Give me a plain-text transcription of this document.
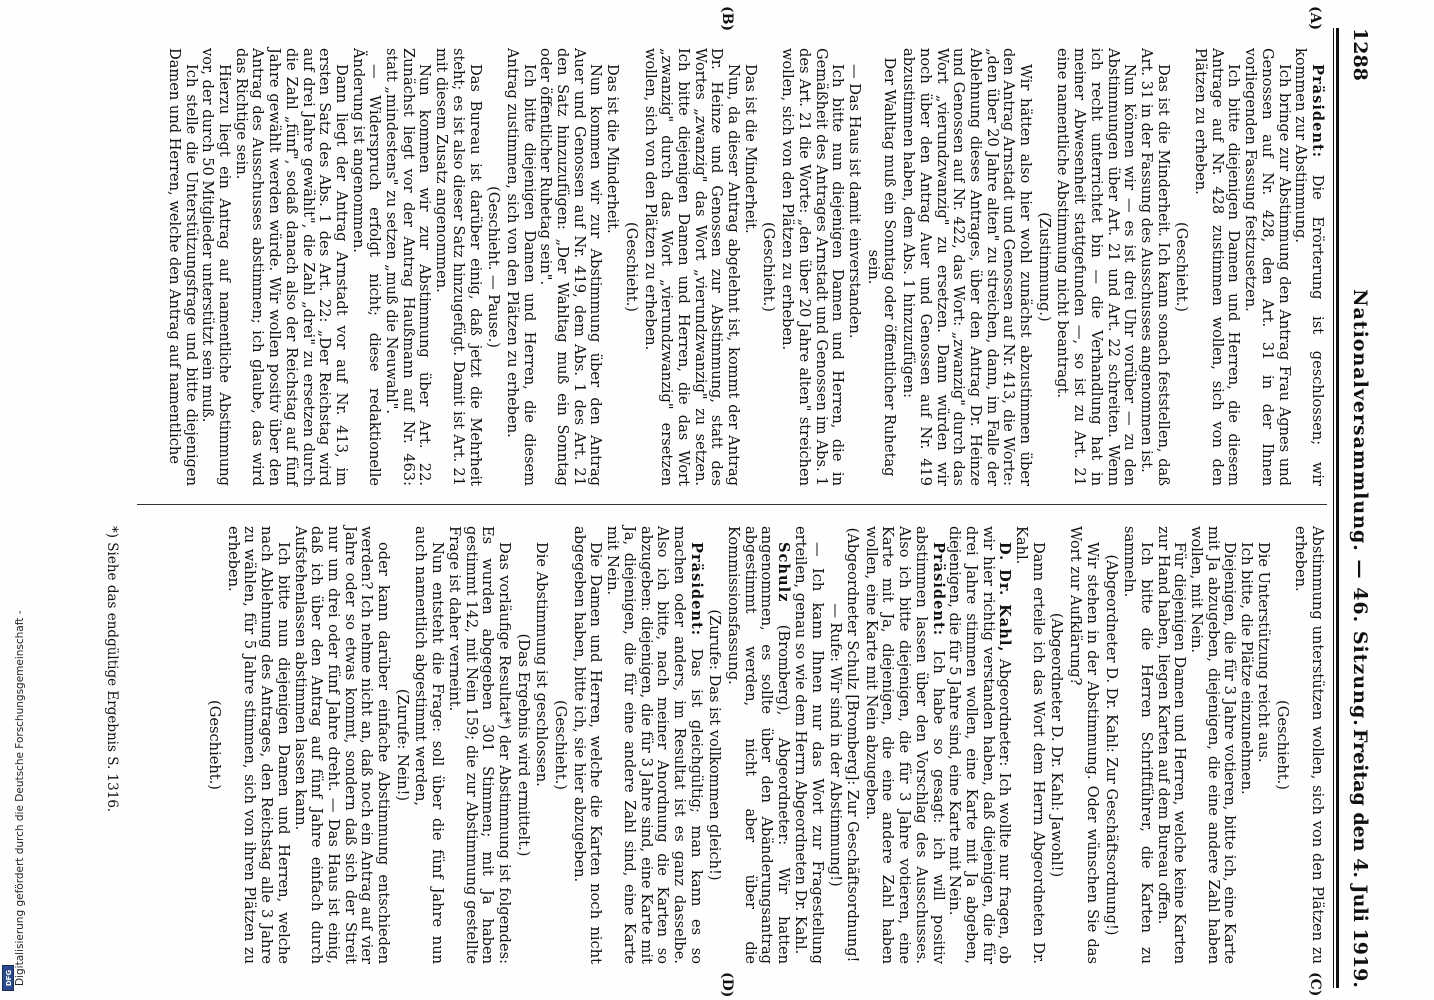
Nationalversammlung. — 46. Sitzung.
1288
Freitag den 4. Juli 1919.
(A)
(B)
(C)
(D)

Präsident: Die Erörterung ist geschlossen; wir kommen zur Abstimmung.

Ich bringe zur Abstimmung den Antrag Frau Agnes und Genossen auf Nr. 428, den Art. 31 in der Ihnen vorliegenden Fassung festzusetzen.

Ich bitte diejenigen Damen und Herren, die diesem Antrage auf Nr. 428 zustimmen wollen, sich von den Plätzen zu erheben.

(Geschieht.)

Das ist die Minderheit. Ich kann sonach feststellen, daß Art. 31 in der Fassung des Ausschusses angenommen ist.

Nun können wir — es ist drei Uhr vorüber — zu den Abstimmungen über Art. 21 und Art. 22 schreiten. Wenn ich recht unterrichtet bin — die Verhandlung hat in meiner Abwesenheit stattgefunden —, so ist zu Art. 21 eine namentliche Abstimmung nicht beantragt.

(Zustimmung.)

Wir hätten also hier wohl zunächst abzustimmen über den Antrag Arnstadt und Genossen auf Nr. 413, die Worte: „den über 20 Jahre alten" zu streichen, dann, im Falle der Ablehnung dieses Antrages, über den Antrag Dr. Heinze und Genossen auf Nr. 422, das Wort: „zwanzig" durch das Wort „vierundzwanzig" zu ersetzen. Dann würden wir noch über den Antrag Auer und Genossen auf Nr. 419 abzustimmen haben, dem Abs. 1 hinzuzufügen:

Der Wahltag muß ein Sonntag oder öffentlicher Ruhetag sein.

— Das Haus ist damit einverstanden.

Ich bitte nun diejenigen Damen und Herren, die in Gemäßheit des Antrages Arnstadt und Genossen im Abs. 1 des Art. 21 die Worte: „den über 20 Jahre alten" streichen wollen, sich von den Plätzen zu erheben.

(Geschieht.)

Das ist die Minderheit.

Nun, da dieser Antrag abgelehnt ist, kommt der Antrag Dr. Heinze und Genossen zur Abstimmung, statt des Wortes „zwanzig" das Wort „vierundzwanzig" zu setzen. Ich bitte diejenigen Damen und Herren, die das Wort „zwanzig" durch das Wort „vierundzwanzig" ersetzen wollen, sich von den Plätzen zu erheben.

(Geschieht.)

Das ist die Minderheit.

Nun kommen wir zur Abstimmung über den Antrag Auer und Genossen auf Nr. 419, dem Abs. 1 des Art. 21 den Satz hinzuzufügen: „Der Wahltag muß ein Sonntag oder öffentlicher Ruhetag sein".

Ich bitte diejenigen Damen und Herren, die diesem Antrag zustimmen, sich von den Plätzen zu erheben.

(Geschieht. — Pause.)

Das Bureau ist darüber einig, daß jetzt die Mehrheit steht; es ist also dieser Satz hinzugefügt. Damit ist Art. 21 mit diesem Zusatz angenommen.

Nun kommen wir zur Abstimmung über Art. 22. Zunächst liegt vor der Antrag Haußmann auf Nr. 463: statt „mindestens" zu setzen „muß die Neuwahl".

— Widerspruch erfolgt nicht; diese redaktionelle Änderung ist angenommen.

Dann liegt der Antrag Arnstadt vor auf Nr. 413, im ersten Satz des Abs. 1 des Art. 22: „Der Reichstag wird auf drei Jahre gewählt", die Zahl „drei" zu ersetzen durch die Zahl „fünf", sodaß danach also der Reichstag auf fünf Jahre gewählt werden würde. Wir wollen positiv über den Antrag des Ausschusses abstimmen; ich glaube, das wird das Richtige sein.

Hierzu liegt ein Antrag auf namentliche Abstimmung vor, der durch 50 Mitglieder unterstützt sein muß.

Ich stelle die Unterstützungsfrage und bitte diejenigen Damen und Herren, welche den Antrag auf namentliche

Abstimmung unterstützen wollen, sich von den Plätzen zu erheben.

(Geschieht.)

Die Unterstützung reicht aus.

Ich bitte, die Plätze einzunehmen.

Diejenigen, die für 3 Jahre votieren, bitte ich, eine Karte mit Ja abzugeben, diejenigen, die eine andere Zahl haben wollen, mit Nein.

Für diejenigen Damen und Herren, welche keine Karten zur Hand haben, liegen Karten auf dem Bureau offen.

Ich bitte die Herren Schriftführer, die Karten zu sammeln.

(Abgeordneter D. Dr. Kahl: Zur Geschäftsordnung!)

Wir stehen in der Abstimmung. Oder wünschen Sie das Wort zur Aufklärung?

(Abgeordneter D. Dr. Kahl: Jawohl!)

Dann erteile ich das Wort dem Herrn Abgeordneten Dr. Kahl.

D. Dr. Kahl, Abgeordneter: Ich wollte nur fragen, ob wir hier richtig verstanden haben, daß diejenigen, die für drei Jahre stimmen wollen, eine Karte mit Ja abgeben, diejenigen, die für 5 Jahre sind, eine Karte mit Nein.

Präsident: Ich habe so gesagt: ich will positiv abstimmen lassen über den Vorschlag des Ausschusses. Also ich bitte diejenigen, die für 3 Jahre votieren, eine Karte mit Ja, diejenigen, die eine andere Zahl haben wollen, eine Karte mit Nein abzugeben.

(Abgeordneter Schulz [Bromberg]: Zur Geschäftsordnung! — Rufe: Wir sind in der Abstimmung!)

— Ich kann Ihnen nur das Wort zur Fragestellung erteilen, genau so wie dem Herrn Abgeordneten Dr. Kahl.

Schulz (Bromberg), Abgeordneter: Wir hatten angenommen, es sollte über den Abänderungsantrag abgestimmt werden, nicht aber über die Kommissionsfassung.

(Zurufe: Das ist vollkommen gleich!)

Präsident: Das ist gleichgültig; man kann es so machen oder anders, im Resultat ist es ganz dasselbe. Also ich bitte, nach meiner Anordnung die Karten so abzugeben: diejenigen, die für 3 Jahre sind, eine Karte mit Ja, diejenigen, die für eine andere Zahl sind, eine Karte mit Nein.

Die Damen und Herren, welche die Karten noch nicht abgegeben haben, bitte ich, sie hier abzugeben.

(Geschieht.)

Die Abstimmung ist geschlossen.

(Das Ergebnis wird ermittelt.)

Das vorläufige Resultat*) der Abstimmung ist folgendes: Es wurden abgegeben 301 Stimmen; mit Ja haben gestimmt 142, mit Nein 159; die zur Abstimmung gestellte Frage ist daher verneint.

Nun entsteht die Frage: soll über die fünf Jahre nun auch namentlich abgestimmt werden,

(Zurufe: Nein!)

oder kann darüber einfache Abstimmung entschieden werden? Ich nehme nicht an, daß noch ein Antrag auf vier Jahre oder so etwas kommt, sondern daß sich der Streit nur um drei oder fünf Jahre dreht. — Das Haus ist einig, daß ich über den Antrag auf fünf Jahre einfach durch Aufstehenlassen abstimmen lassen kann.

Ich bitte nun diejenigen Damen und Herren, welche nach Ablehnung des Antrages, den Reichstag alle 3 Jahre zu wählen, für 5 Jahre stimmen, sich von ihren Plätzen zu erheben.

(Geschieht.)

*) Siehe das endgültige Ergebnis S. 1316.
Digitalisierung gefördert durch die Deutsche Forschungsgemeinschaft -
DFG
